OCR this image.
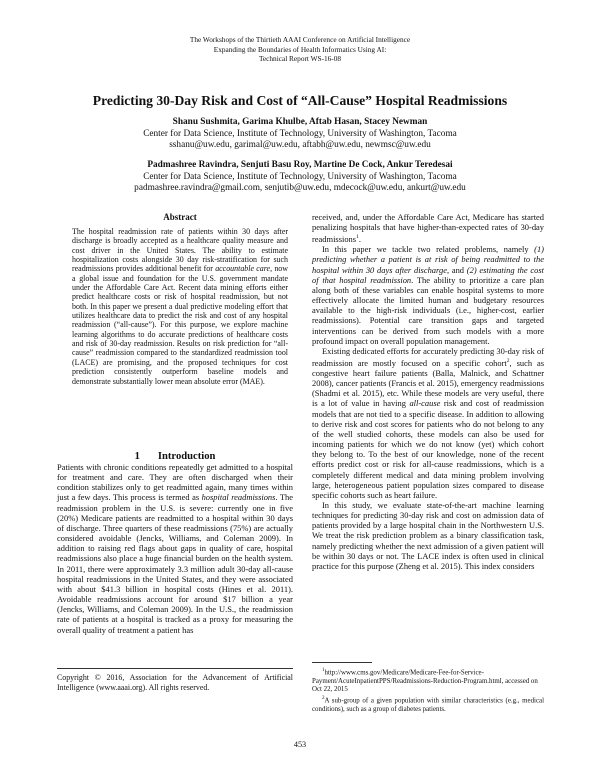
The Workshops of the Thirtieth AAAI Conference on Artificial Intelligence
Expanding the Boundaries of Health Informatics Using AI:
Technical Report WS-16-08
Predicting 30-Day Risk and Cost of “All-Cause” Hospital Readmissions
Shanu Sushmita, Garima Khulbe, Aftab Hasan, Stacey Newman
Center for Data Science, Institute of Technology, University of Washington, Tacoma
sshanu@uw.edu, garimal@uw.edu, aftabh@uw.edu, newmsc@uw.edu
Padmashree Ravindra, Senjuti Basu Roy, Martine De Cock, Ankur Teredesai
Center for Data Science, Institute of Technology, University of Washington, Tacoma
padmashree.ravindra@gmail.com, senjutib@uw.edu, mdecock@uw.edu, ankurt@uw.edu
Abstract
The hospital readmission rate of patients within 30 days after discharge is broadly accepted as a healthcare quality measure and cost driver in the United States. The ability to estimate hospitalization costs alongside 30 day risk-stratification for such readmissions provides additional benefit for accountable care, now a global issue and foundation for the U.S. government mandate under the Affordable Care Act. Recent data mining efforts either predict healthcare costs or risk of hospital readmission, but not both. In this paper we present a dual predictive modeling effort that utilizes healthcare data to predict the risk and cost of any hospital readmission (“all-cause”). For this purpose, we explore machine learning algorithms to do accurate predictions of healthcare costs and risk of 30-day readmission. Results on risk prediction for “all-cause” readmission compared to the standardized readmission tool (LACE) are promising, and the proposed techniques for cost prediction consistently outperform baseline models and demonstrate substantially lower mean absolute error (MAE).
1 Introduction

Patients with chronic conditions repeatedly get admitted to a hospital for treatment and care. They are often discharged when their condition stabilizes only to get readmitted again, many times within just a few days. This process is termed as hospital readmissions. The readmission problem in the U.S. is severe: currently one in five (20%) Medicare patients are readmitted to a hospital within 30 days of discharge. Three quarters of these readmissions (75%) are actually considered avoidable (Jencks, Williams, and Coleman 2009). In addition to raising red flags about gaps in quality of care, hospital readmissions also place a huge financial burden on the health system. In 2011, there were approximately 3.3 million adult 30-day all-cause hospital readmissions in the United States, and they were associated with about $41.3 billion in hospital costs (Hines et al. 2011). Avoidable readmissions account for around $17 billion a year (Jencks, Williams, and Coleman 2009). In the U.S., the readmission rate of patients at a hospital is tracked as a proxy for measuring the overall quality of treatment a patient has

Copyright © 2016, Association for the Advancement of Artificial Intelligence (www.aaai.org). All rights reserved.

received, and, under the Affordable Care Act, Medicare has started penalizing hospitals that have higher-than-expected rates of 30-day readmissions$^1$.

In this paper we tackle two related problems, namely (1) predicting whether a patient is at risk of being readmitted to the hospital within 30 days after discharge, and (2) estimating the cost of that hospital readmission. The ability to prioritize a care plan along both of these variables can enable hospital systems to more effectively allocate the limited human and budgetary resources available to the high-risk individuals (i.e., higher-cost, earlier readmissions). Potential care transition gaps and targeted interventions can be derived from such models with a more profound impact on overall population management.

Existing dedicated efforts for accurately predicting 30-day risk of readmission are mostly focused on a specific cohort$^2$, such as congestive heart failure patients (Balla, Malnick, and Schattner 2008), cancer patients (Francis et al. 2015), emergency readmissions (Shadmi et al. 2015), etc. While these models are very useful, there is a lot of value in having all-cause risk and cost of readmission models that are not tied to a specific disease. In addition to allowing to derive risk and cost scores for patients who do not belong to any of the well studied cohorts, these models can also be used for incoming patients for which we do not know (yet) which cohort they belong to. To the best of our knowledge, none of the recent efforts predict cost or risk for all-cause readmissions, which is a completely different medical and data mining problem involving large, heterogeneous patient population sizes compared to disease specific cohorts such as heart failure.

In this study, we evaluate state-of-the-art machine learning techniques for predicting 30-day risk and cost on admission data of patients provided by a large hospital chain in the Northwestern U.S. We treat the risk prediction problem as a binary classification task, namely predicting whether the next admission of a given patient will be within 30 days or not. The LACE index is often used in clinical practice for this purpose (Zheng et al. 2015). This index considers

$^1$http://www.cms.gov/Medicare/Medicare-Fee-for-Service-Payment/AcuteInpatientPPS/Readmissions-Reduction-Program.html, accessed on Oct 22, 2015
$^2$A sub-group of a given population with similar characteristics (e.g., medical conditions), such as a group of diabetes patients.
453
